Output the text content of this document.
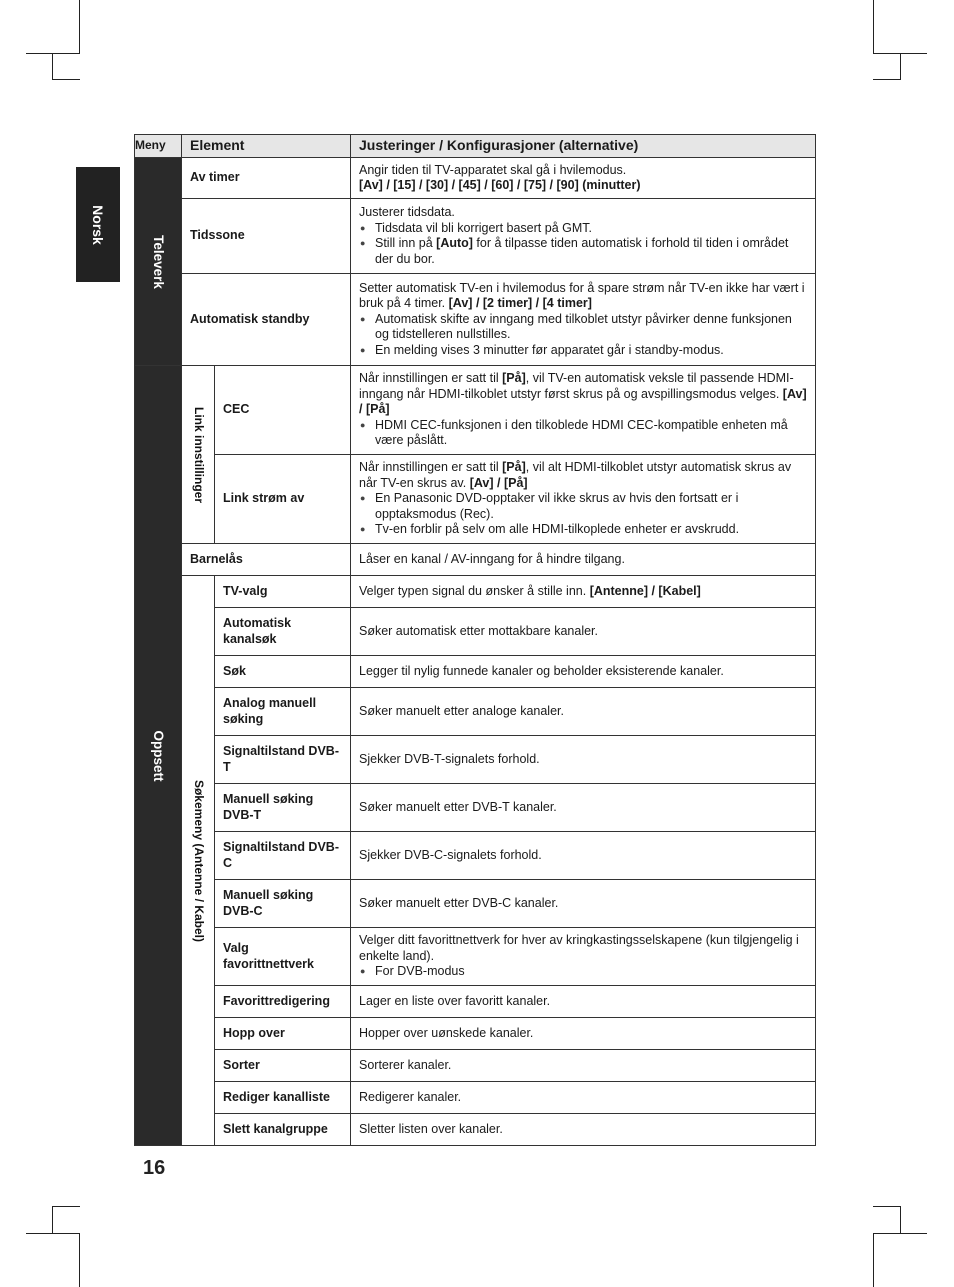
Norsk
Meny	Element		Justeringer / Konfigurasjoner (alternative)

Televerk	Av timer		Angir tiden til TV-apparatet skal gå i hvilemodus.
[Av] / [15] / [30] / [45] / [60] / [75] / [90] (minutter)

	Tidssone		Justerer tidsdata.
● Tidsdata vil bli korrigert basert på GMT.
● Still inn på [Auto] for å tilpasse tiden automatisk i forhold til tiden i området der du bor.

	Automatisk standby		Setter automatisk TV-en i hvilemodus for å spare strøm når TV-en ikke har vært i bruk på 4 timer. [Av] / [2 timer] / [4 timer]
● Automatisk skifte av inngang med tilkoblet utstyr påvirker denne funksjonen og tidstelleren nullstilles.
● En melding vises 3 minutter før apparatet går i standby-modus.

Oppsett	Link innstillinger	CEC	Når innstillingen er satt til [På], vil TV-en automatisk veksle til passende HDMI-inngang når HDMI-tilkoblet utstyr først skrus på og avspillingsmodus velges. [Av] / [På]
● HDMI CEC-funksjonen i den tilkoblede HDMI CEC-kompatible enheten må være påslått.

		Link strøm av	Når innstillingen er satt til [På], vil alt HDMI-tilkoblet utstyr automatisk skrus av når TV-en skrus av. [Av] / [På]
● En Panasonic DVD-opptaker vil ikke skrus av hvis den fortsatt er i opptaksmodus (Rec).
● Tv-en forblir på selv om alle HDMI-tilkoplede enheter er avskrudd.

	Barnelås		Låser en kanal / AV-inngang for å hindre tilgang.

	Søkemeny (Antenne / Kabel)	TV-valg	Velger typen signal du ønsker å stille inn. [Antenne] / [Kabel]
		Automatisk kanalsøk	Søker automatisk etter mottakbare kanaler.
		Søk	Legger til nylig funnede kanaler og beholder eksisterende kanaler.
		Analog manuell søking	Søker manuelt etter analoge kanaler.
		Signaltilstand DVB-T	Sjekker DVB-T-signalets forhold.
		Manuell søking DVB-T	Søker manuelt etter DVB-T kanaler.
		Signaltilstand DVB-C	Sjekker DVB-C-signalets forhold.
		Manuell søking DVB-C	Søker manuelt etter DVB-C kanaler.
		Valg favorittnettverk	Velger ditt favorittnettverk for hver av kringkastingsselskapene (kun tilgjengelig i enkelte land).
● For DVB-modus

		Favorittredigering	Lager en liste over favoritt kanaler.
		Hopp over	Hopper over uønskede kanaler.
		Sorter	Sorterer kanaler.
		Rediger kanalliste	Redigerer kanaler.
		Slett kanalgruppe	Sletter listen over kanaler.
16
